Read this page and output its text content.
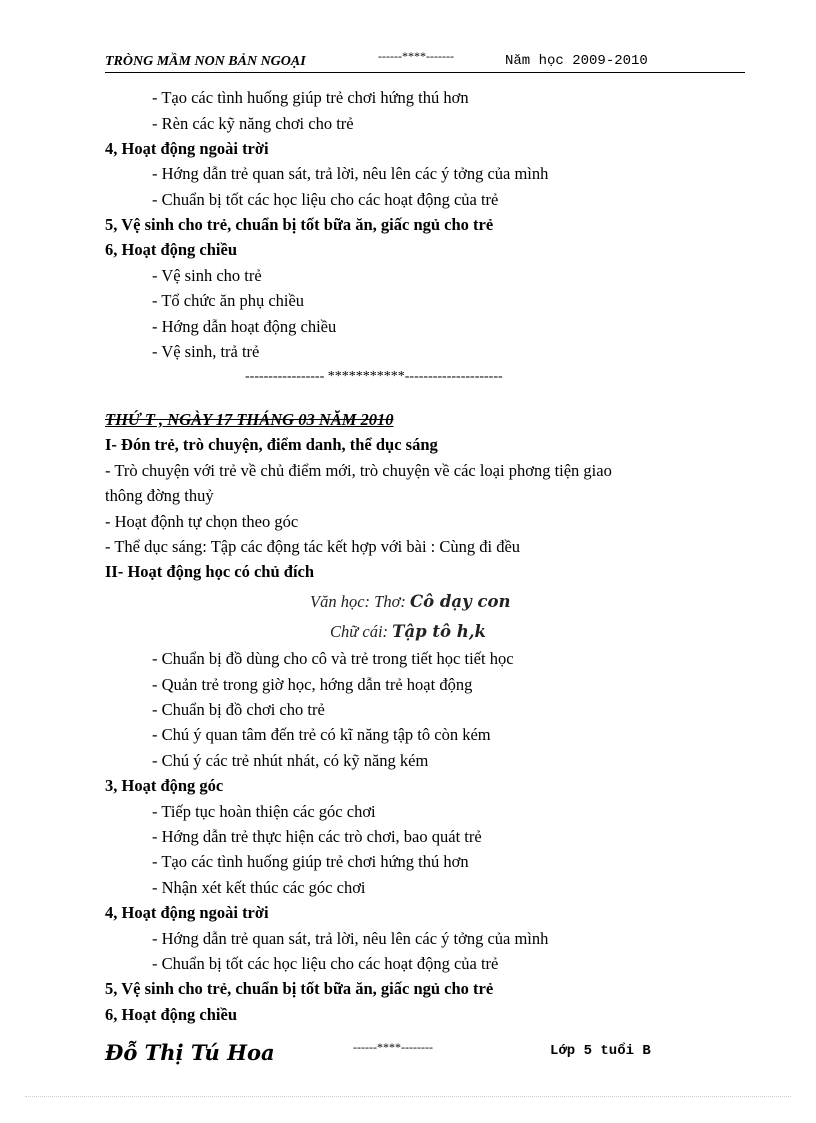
TRÒNG MẦM NON BẢN NGOẠI	------****-------	Năm học 2009-2010
- Tạo các tình huống giúp trẻ chơi hứng thú hơn
- Rèn các kỹ năng chơi cho trẻ
4, Hoạt động ngoài trời
- Hớng dẫn trẻ quan sát, trả lời, nêu lên các ý tởng của mình
- Chuẩn bị tốt các học liệu cho các hoạt động của trẻ
5, Vệ sinh cho trẻ, chuẩn bị tốt bữa ăn, giấc ngủ cho trẻ
6, Hoạt động chiều
- Vệ sinh cho trẻ
- Tổ chức ăn phụ chiều
- Hớng dẫn hoạt động chiều
- Vệ sinh, trả trẻ
----------------- ***********---------------------
THỨ T , NGÀY 17 THÁNG 03 NĂM 2010
I- Đón trẻ, trò chuyện, điểm danh, thể dục sáng
- Trò chuyện với trẻ về chủ điểm mới, trò chuyện về các loại phơng tiện giao
thông đờng thuỷ
- Hoạt độnh tự chọn theo góc
- Thể dục sáng: Tập các động tác kết hợp với bài : Cùng đi đều
II- Hoạt động học có chủ đích
Văn học: Thơ: Cô dạy con
Chữ cái: Tập tô h,k
- Chuẩn bị đồ dùng cho cô và trẻ trong tiết học tiết học
- Quản trẻ trong giờ học, hớng dẫn trẻ hoạt động
- Chuẩn bị đồ chơi cho trẻ
- Chú ý quan tâm đến trẻ có kĩ năng tập tô còn kém
- Chú ý các trẻ nhút nhát, có kỹ năng kém
3, Hoạt động góc
- Tiếp tục hoàn thiện các góc chơi
- Hớng dẫn trẻ thực hiện các trò chơi, bao quát trẻ
- Tạo các tình huống giúp trẻ chơi hứng thú hơn
- Nhận xét kết thúc các góc chơi
4, Hoạt động ngoài trời
- Hớng dẫn trẻ quan sát, trả lời, nêu lên các ý tởng của mình
- Chuẩn bị tốt các học liệu cho các hoạt động của trẻ
5, Vệ sinh cho trẻ, chuẩn bị tốt bữa ăn, giấc ngủ cho trẻ
6, Hoạt động chiều
Đỗ Thị Tú Hoa	------****--------	Lớp 5 tuổi B
